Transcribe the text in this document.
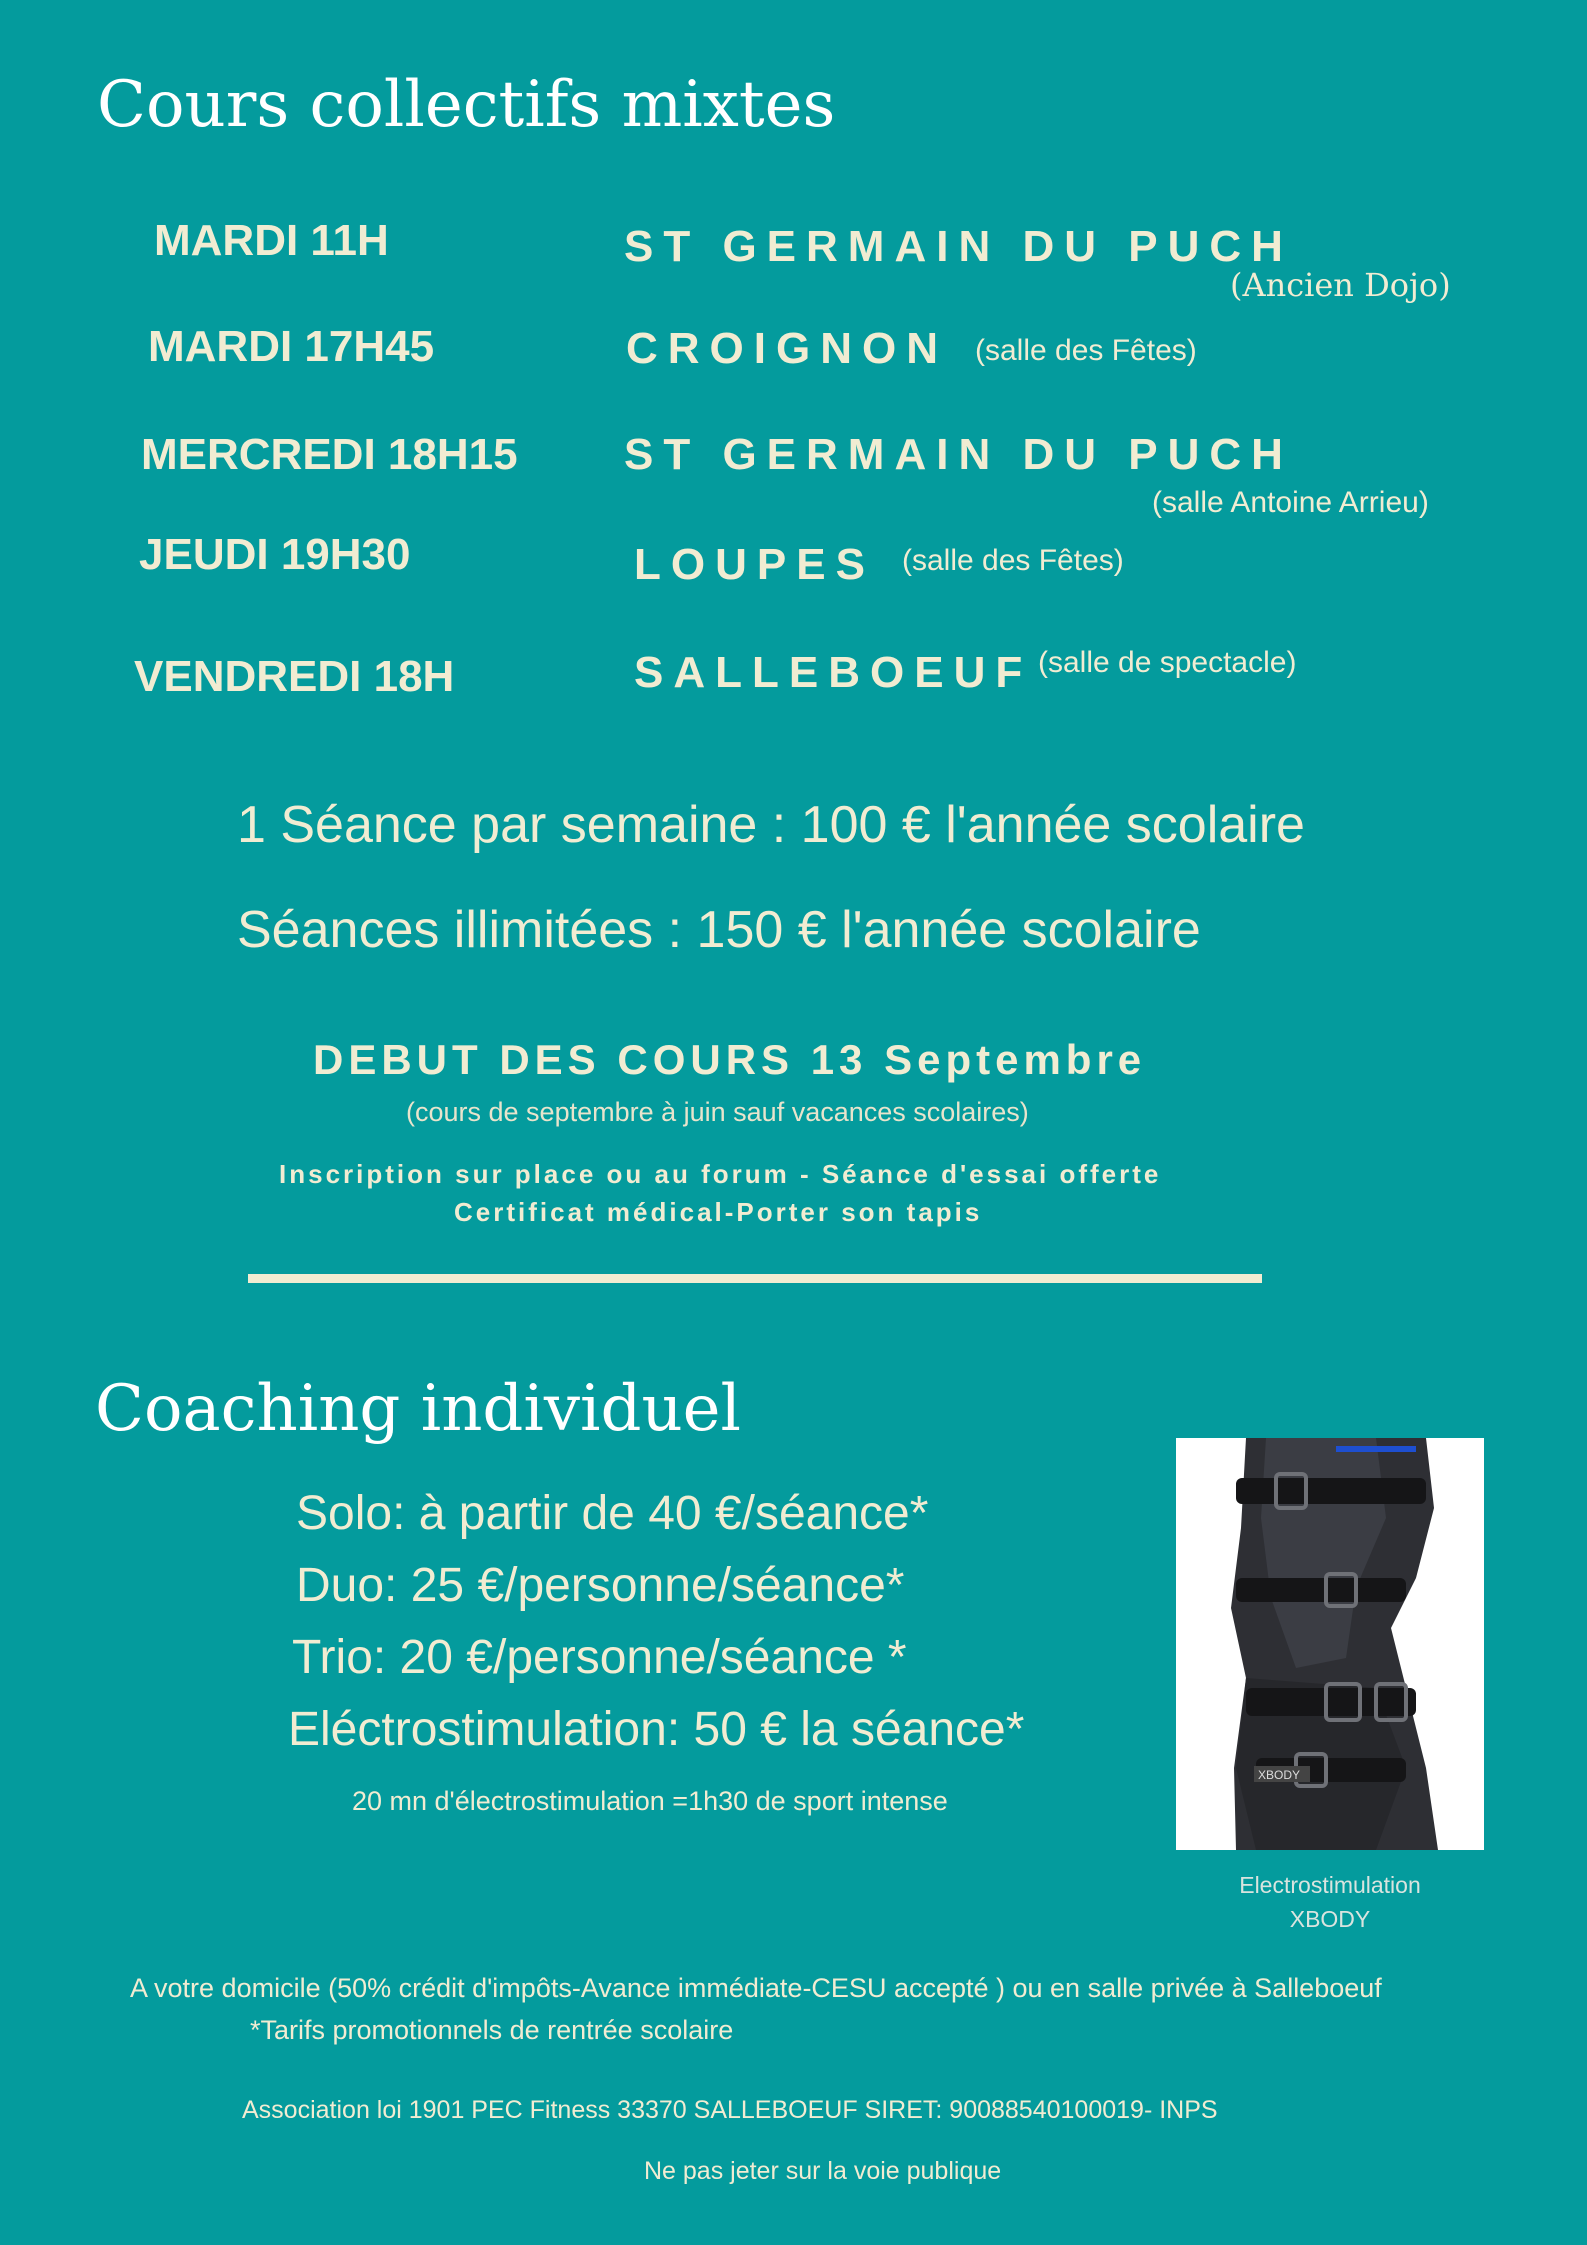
Cours collectifs mixtes
MARDI 11H	ST GERMAIN DU PUCH
(Ancien Dojo)
MARDI 17H45	CROIGNON (salle des Fêtes)
MERCREDI 18H15 ST GERMAIN DU PUCH
(salle Antoine Arrieu)
JEUDI 19H30	LOUPES (salle des Fêtes)
VENDREDI 18H	SALLEBOEUF (salle de spectacle)
1 Séance par semaine : 100 € l'année scolaire
Séances illimitées : 150 € l'année scolaire
DEBUT DES COURS 13 Septembre
(cours de septembre à juin sauf vacances scolaires)
Inscription sur place ou au forum - Séance d'essai offerte
Certificat médical-Porter son tapis
Coaching individuel
Solo: à partir de 40 €/séance*
Duo: 25 €/personne/séance*
Trio: 20 €/personne/séance *
Eléctrostimulation: 50 € la séance*
20 mn d'électrostimulation =1h30 de sport intense
XBODY
Electrostimulation
XBODY
A votre domicile (50% crédit d'impôts-Avance immédiate-CESU accepté ) ou en salle privée à Salleboeuf
*Tarifs promotionnels de rentrée scolaire
Association loi 1901 PEC Fitness 33370 SALLEBOEUF SIRET: 90088540100019- INPS
Ne pas jeter sur la voie publique
